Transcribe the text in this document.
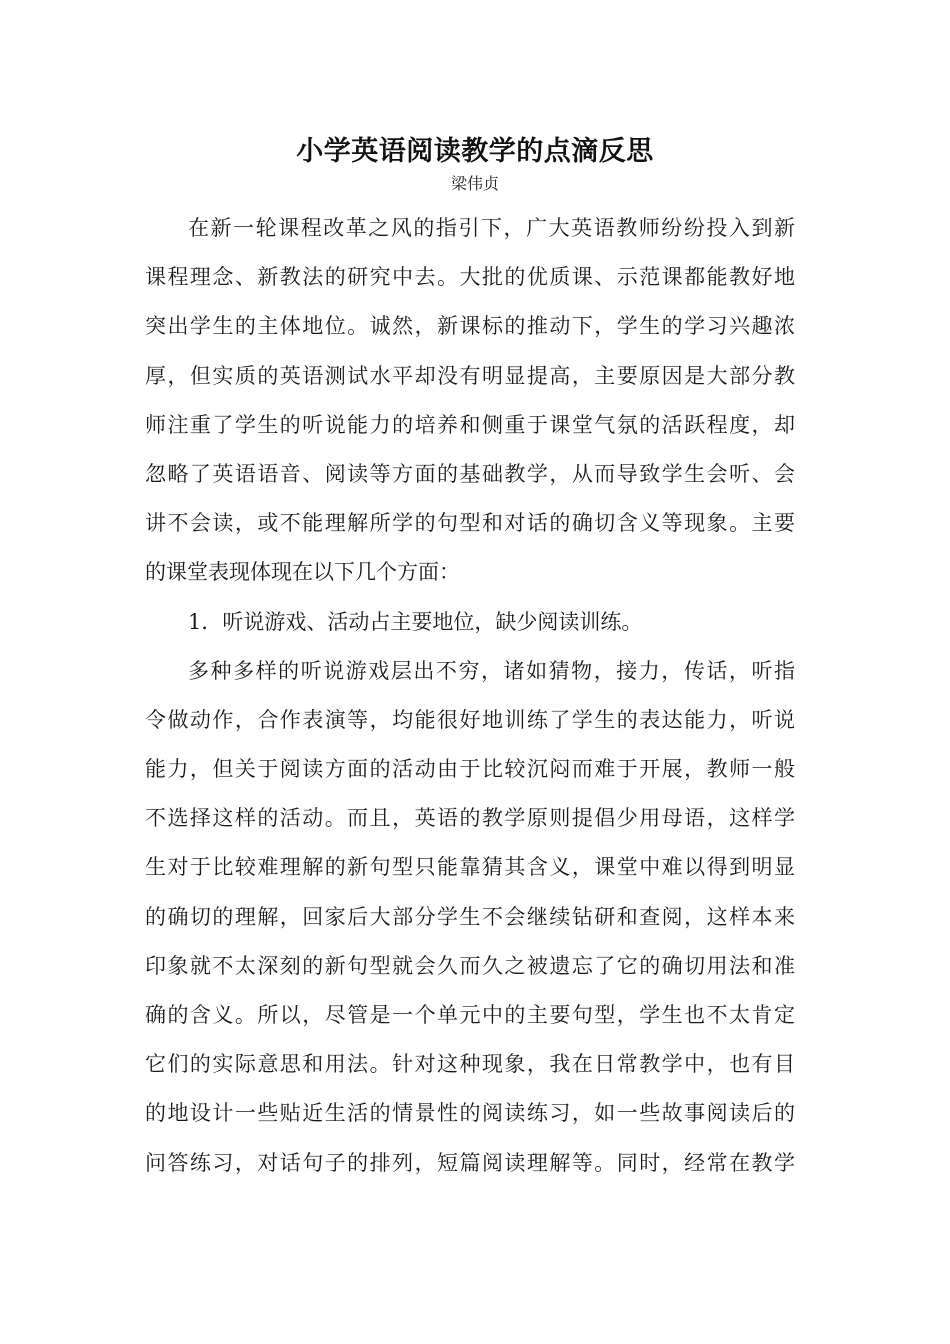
小学英语阅读教学的点滴反思
梁伟贞
在新一轮课程改革之风的指引下，广大英语教师纷纷投入到新
课程理念、新教法的研究中去。大批的优质课、示范课都能教好地
突出学生的主体地位。诚然，新课标的推动下，学生的学习兴趣浓
厚，但实质的英语测试水平却没有明显提高，主要原因是大部分教
师注重了学生的听说能力的培养和侧重于课堂气氛的活跃程度，却
忽略了英语语音、阅读等方面的基础教学，从而导致学生会听、会
讲不会读，或不能理解所学的句型和对话的确切含义等现象。主要
的课堂表现体现在以下几个方面：
1．听说游戏、活动占主要地位，缺少阅读训练。
多种多样的听说游戏层出不穷，诸如猜物，接力，传话，听指
令做动作，合作表演等，均能很好地训练了学生的表达能力，听说
能力，但关于阅读方面的活动由于比较沉闷而难于开展，教师一般
不选择这样的活动。而且，英语的教学原则提倡少用母语，这样学
生对于比较难理解的新句型只能靠猜其含义，课堂中难以得到明显
的确切的理解，回家后大部分学生不会继续钻研和查阅，这样本来
印象就不太深刻的新句型就会久而久之被遗忘了它的确切用法和准
确的含义。所以，尽管是一个单元中的主要句型，学生也不太肯定
它们的实际意思和用法。针对这种现象，我在日常教学中，也有目
的地设计一些贴近生活的情景性的阅读练习，如一些故事阅读后的
问答练习，对话句子的排列，短篇阅读理解等。同时，经常在教学
